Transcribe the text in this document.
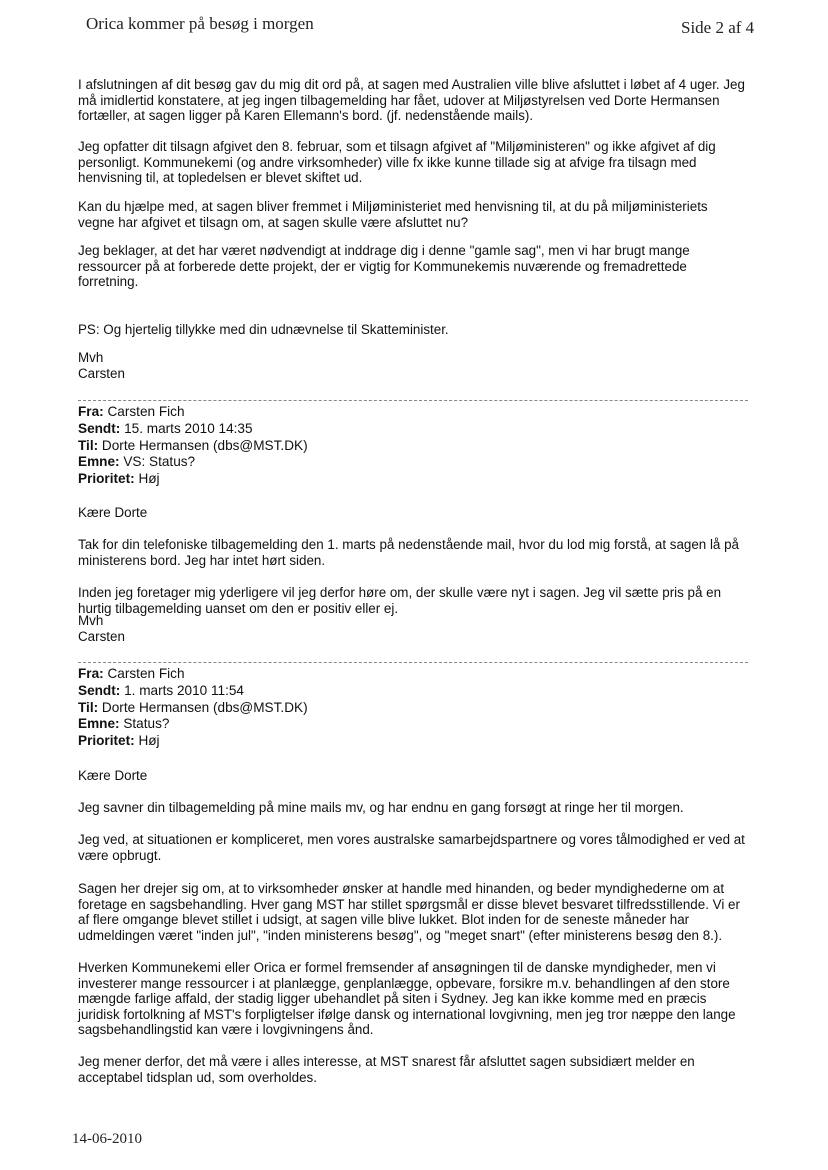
Orica kommer på besøg i morgen	Side 2 af 4

I afslutningen af dit besøg gav du mig dit ord på, at sagen med Australien ville blive afsluttet i løbet af 4 uger. Jeg må imidlertid konstatere, at jeg ingen tilbagemelding har fået, udover at Miljøstyrelsen ved Dorte Hermansen fortæller, at sagen ligger på Karen Ellemann's bord. (jf. nedenstående mails).

Jeg opfatter dit tilsagn afgivet den 8. februar, som et tilsagn afgivet af "Miljøministeren" og ikke afgivet af dig personligt. Kommunekemi (og andre virksomheder) ville fx ikke kunne tillade sig at afvige fra tilsagn med henvisning til, at topledelsen er blevet skiftet ud.

Kan du hjælpe med, at sagen bliver fremmet i Miljøministeriet med henvisning til, at du på miljøministeriets vegne har afgivet et tilsagn om, at sagen skulle være afsluttet nu?

Jeg beklager, at det har været nødvendigt at inddrage dig i denne "gamle sag", men vi har brugt mange ressourcer på at forberede dette projekt, der er vigtig for Kommunekemis nuværende og fremadrettede forretning.

PS: Og hjertelig tillykke med din udnævnelse til Skatteminister.

Mvh

Carsten

Fra: Carsten Fich
Sendt: 15. marts 2010 14:35
Til: Dorte Hermansen (dbs@MST.DK)
Emne: VS: Status?
Prioritet: Høj

Kære Dorte

Tak for din telefoniske tilbagemelding den 1. marts på nedenstående mail, hvor du lod mig forstå, at sagen lå på ministerens bord. Jeg har intet hørt siden.

Inden jeg foretager mig yderligere vil jeg derfor høre om, der skulle være nyt i sagen. Jeg vil sætte pris på en hurtig tilbagemelding uanset om den er positiv eller ej.

Mvh

Carsten

Fra: Carsten Fich
Sendt: 1. marts 2010 11:54
Til: Dorte Hermansen (dbs@MST.DK)
Emne: Status?
Prioritet: Høj

Kære Dorte

Jeg savner din tilbagemelding på mine mails mv, og har endnu en gang forsøgt at ringe her til morgen.

Jeg ved, at situationen er kompliceret, men vores australske samarbejdspartnere og vores tålmodighed er ved at være opbrugt.

Sagen her drejer sig om, at to virksomheder ønsker at handle med hinanden, og beder myndighederne om at foretage en sagsbehandling. Hver gang MST har stillet spørgsmål er disse blevet besvaret tilfredsstillende. Vi er af flere omgange blevet stillet i udsigt, at sagen ville blive lukket. Blot inden for de seneste måneder har udmeldingen været "inden jul", "inden ministerens besøg", og "meget snart" (efter ministerens besøg den 8.).

Hverken Kommunekemi eller Orica er formel fremsender af ansøgningen til de danske myndigheder, men vi investerer mange ressourcer i at planlægge, genplanlægge, opbevare, forsikre m.v. behandlingen af den store mængde farlige affald, der stadig ligger ubehandlet på siten i Sydney. Jeg kan ikke komme med en præcis juridisk fortolkning af MST's forpligtelser ifølge dansk og international lovgivning, men jeg tror næppe den lange sagsbehandlingstid kan være i lovgivningens ånd.

Jeg mener derfor, det må være i alles interesse, at MST snarest får afsluttet sagen subsidiært melder en acceptabel tidsplan ud, som overholdes.

14-06-2010
